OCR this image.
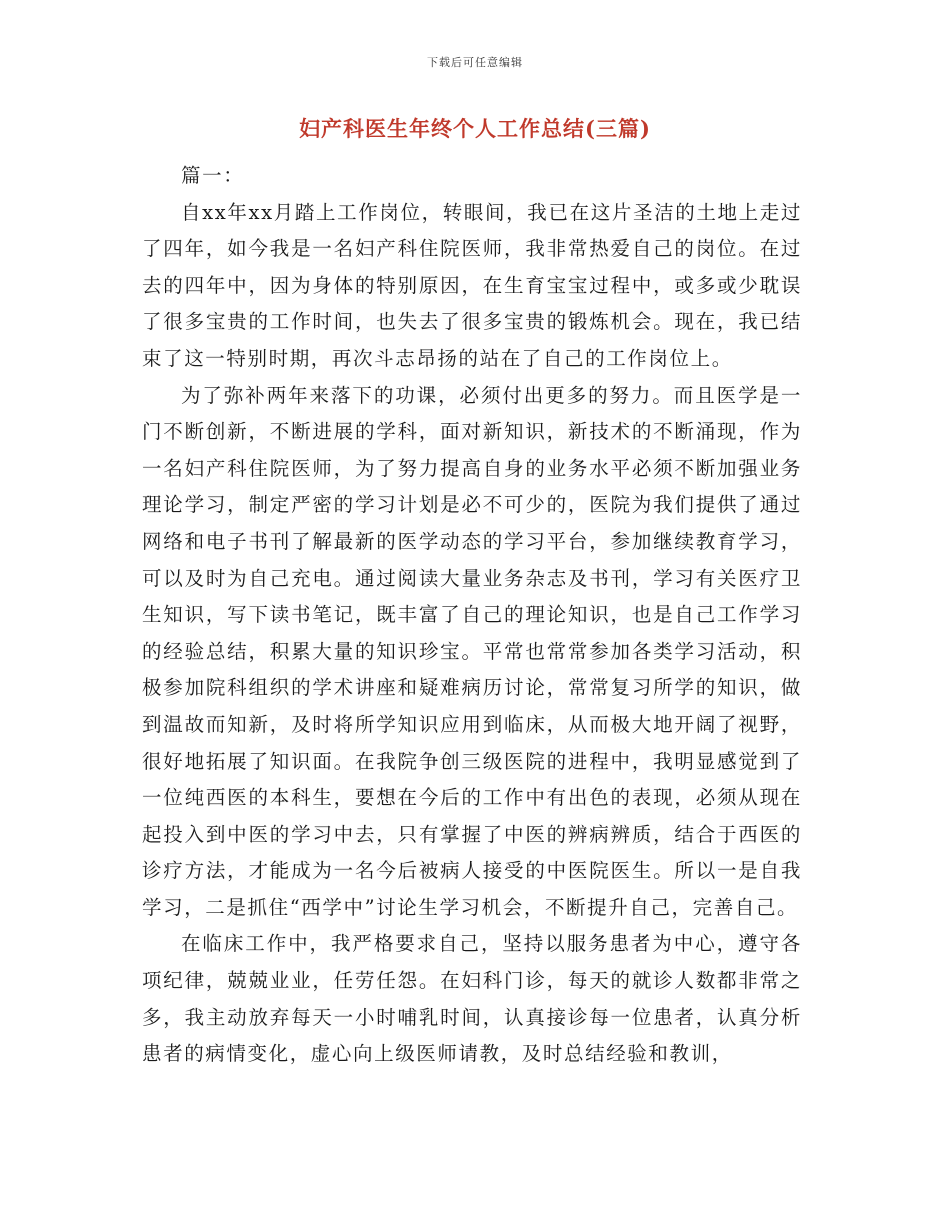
下载后可任意编辑
妇产科医生年终个人工作总结(三篇)

篇一：

自xx年xx月踏上工作岗位，转眼间，我已在这片圣洁的土地上走过了四年，如今我是一名妇产科住院医师，我非常热爱自己的岗位。在过去的四年中，因为身体的特别原因，在生育宝宝过程中，或多或少耽误了很多宝贵的工作时间，也失去了很多宝贵的锻炼机会。现在，我已结束了这一特别时期，再次斗志昂扬的站在了自己的工作岗位上。

为了弥补两年来落下的功课，必须付出更多的努力。而且医学是一门不断创新，不断进展的学科，面对新知识，新技术的不断涌现，作为一名妇产科住院医师，为了努力提高自身的业务水平必须不断加强业务理论学习，制定严密的学习计划是必不可少的，医院为我们提供了通过网络和电子书刊了解最新的医学动态的学习平台，参加继续教育学习，可以及时为自己充电。通过阅读大量业务杂志及书刊，学习有关医疗卫生知识，写下读书笔记，既丰富了自己的理论知识，也是自己工作学习的经验总结，积累大量的知识珍宝。平常也常常参加各类学习活动，积极参加院科组织的学术讲座和疑难病历讨论，常常复习所学的知识，做到温故而知新，及时将所学知识应用到临床，从而极大地开阔了视野，很好地拓展了知识面。在我院争创三级医院的进程中，我明显感觉到了一位纯西医的本科生，要想在今后的工作中有出色的表现，必须从现在起投入到中医的学习中去，只有掌握了中医的辨病辨质，结合于西医的诊疗方法，才能成为一名今后被病人接受的中医院医生。所以一是自我学习，二是抓住“西学中”讨论生学习机会，不断提升自己，完善自己。

在临床工作中，我严格要求自己，坚持以服务患者为中心，遵守各项纪律，兢兢业业，任劳任怨。在妇科门诊，每天的就诊人数都非常之多，我主动放弃每天一小时哺乳时间，认真接诊每一位患者，认真分析患者的病情变化，虚心向上级医师请教，及时总结经验和教训，
